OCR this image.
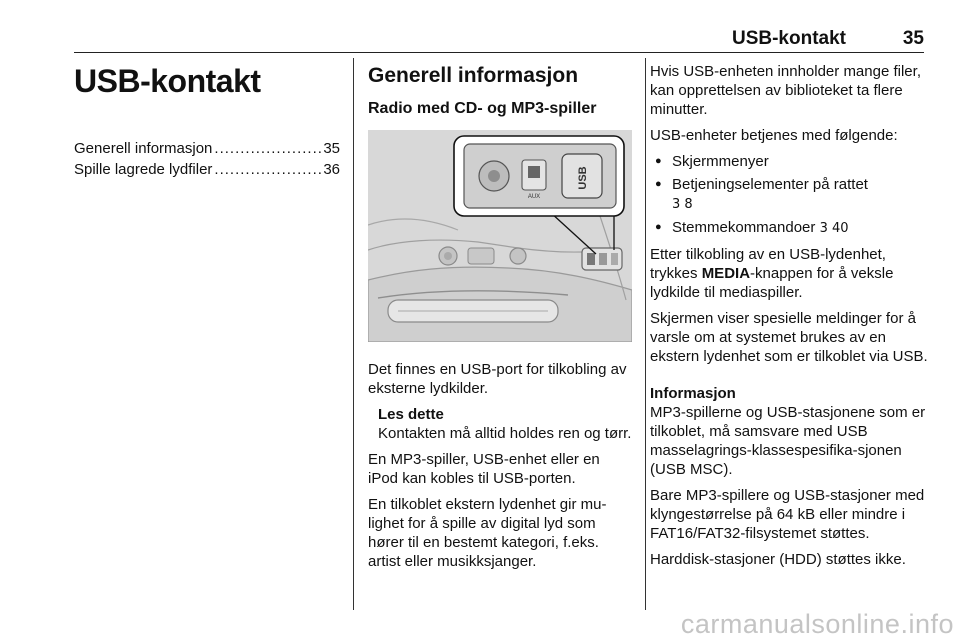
USB-kontakt	35
USB-kontakt
Generell informasjon .....	35
Spille lagrede lydfiler .....	36
Generell informasjon
Radio med CD- og MP3-spiller
USB
AUX

Det finnes en USB-port for tilkobling av eksterne lydkilder.

Les dette
Kontakten må alltid holdes ren og tørr.

En MP3-spiller, USB-enhet eller en iPod kan kobles til USB-porten.

En tilkoblet ekstern lydenhet gir mu-lighet for å spille av digital lyd som hører til en bestemt kategori, f.eks. artist eller musikksjanger.

Hvis USB-enheten innholder mange filer, kan opprettelsen av biblioteket ta flere minutter.

USB-enheter betjenes med følgende:

● Skjermmenyer
● Betjeningselementer på rattet
3 8
● Stemmekommandoer 3 40

Etter tilkobling av en USB-lydenhet, trykkes MEDIA-knappen for å veksle lydkilde til mediaspiller.

Skjermen viser spesielle meldinger for å varsle om at systemet brukes av en ekstern lydenhet som er tilkoblet via USB.

Informasjon

MP3-spillerne og USB-stasjonene som er tilkoblet, må samsvare med USB masselagrings-klassespesifika-sjonen (USB MSC).

Bare MP3-spillere og USB-stasjoner med klyngestørrelse på 64 kB eller mindre i FAT16/FAT32-filsystemet støttes.

Harddisk-stasjoner (HDD) støttes ikke.

carmanualsonline.info
